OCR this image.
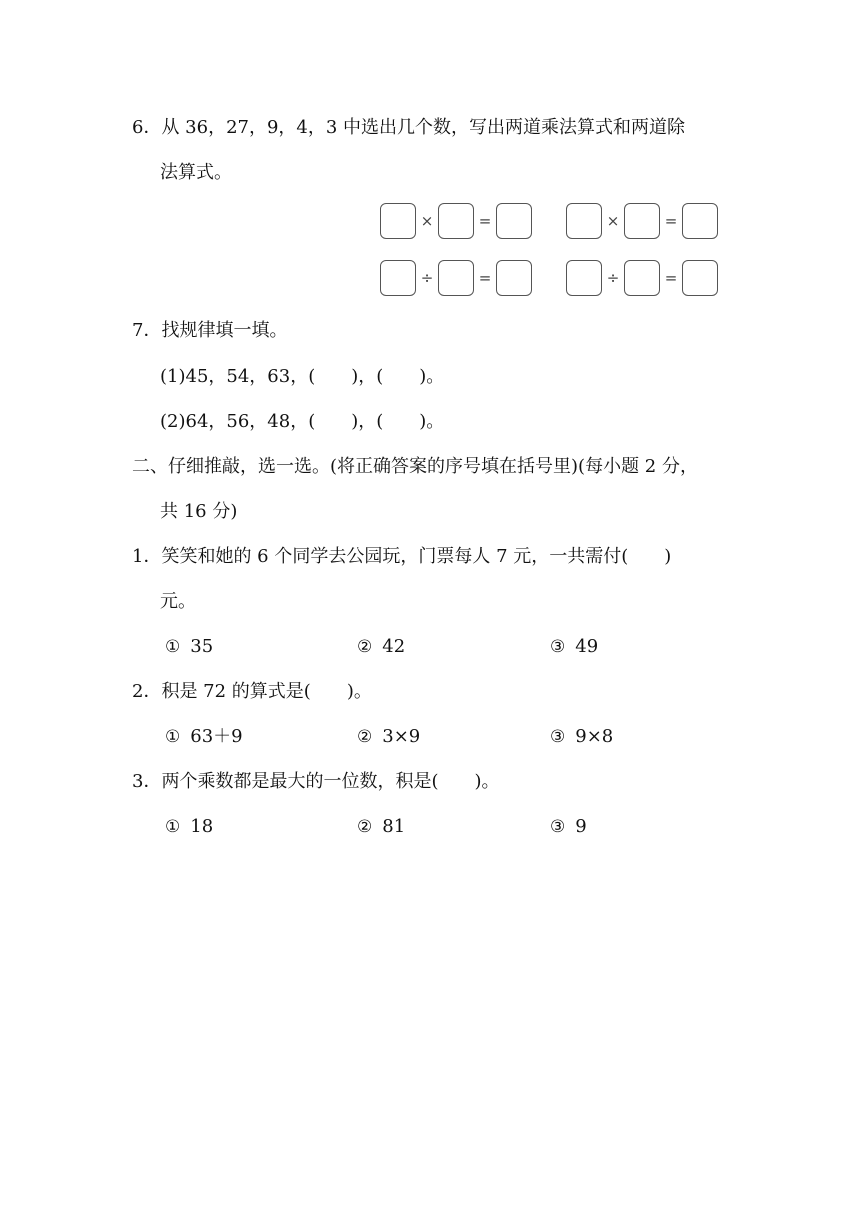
6．从 36，27，9，4，3 中选出几个数，写出两道乘法算式和两道除
法算式。
×	=	×	=
÷	=	÷	=
7．找规律填一填。
(1)45，54，63，(　　)，(　　)。
(2)64，56，48，(　　)，(　　)。
二、仔细推敲，选一选。(将正确答案的序号填在括号里)(每小题 2 分，
共 16 分)
1．笑笑和她的 6 个同学去公园玩，门票每人 7 元，一共需付(　　)
元。
① 35	② 42	③ 49
2．积是 72 的算式是(　　)。
① 63＋9	② 3×9	③ 9×8
3．两个乘数都是最大的一位数，积是(　　)。
① 18	② 81	③ 9
